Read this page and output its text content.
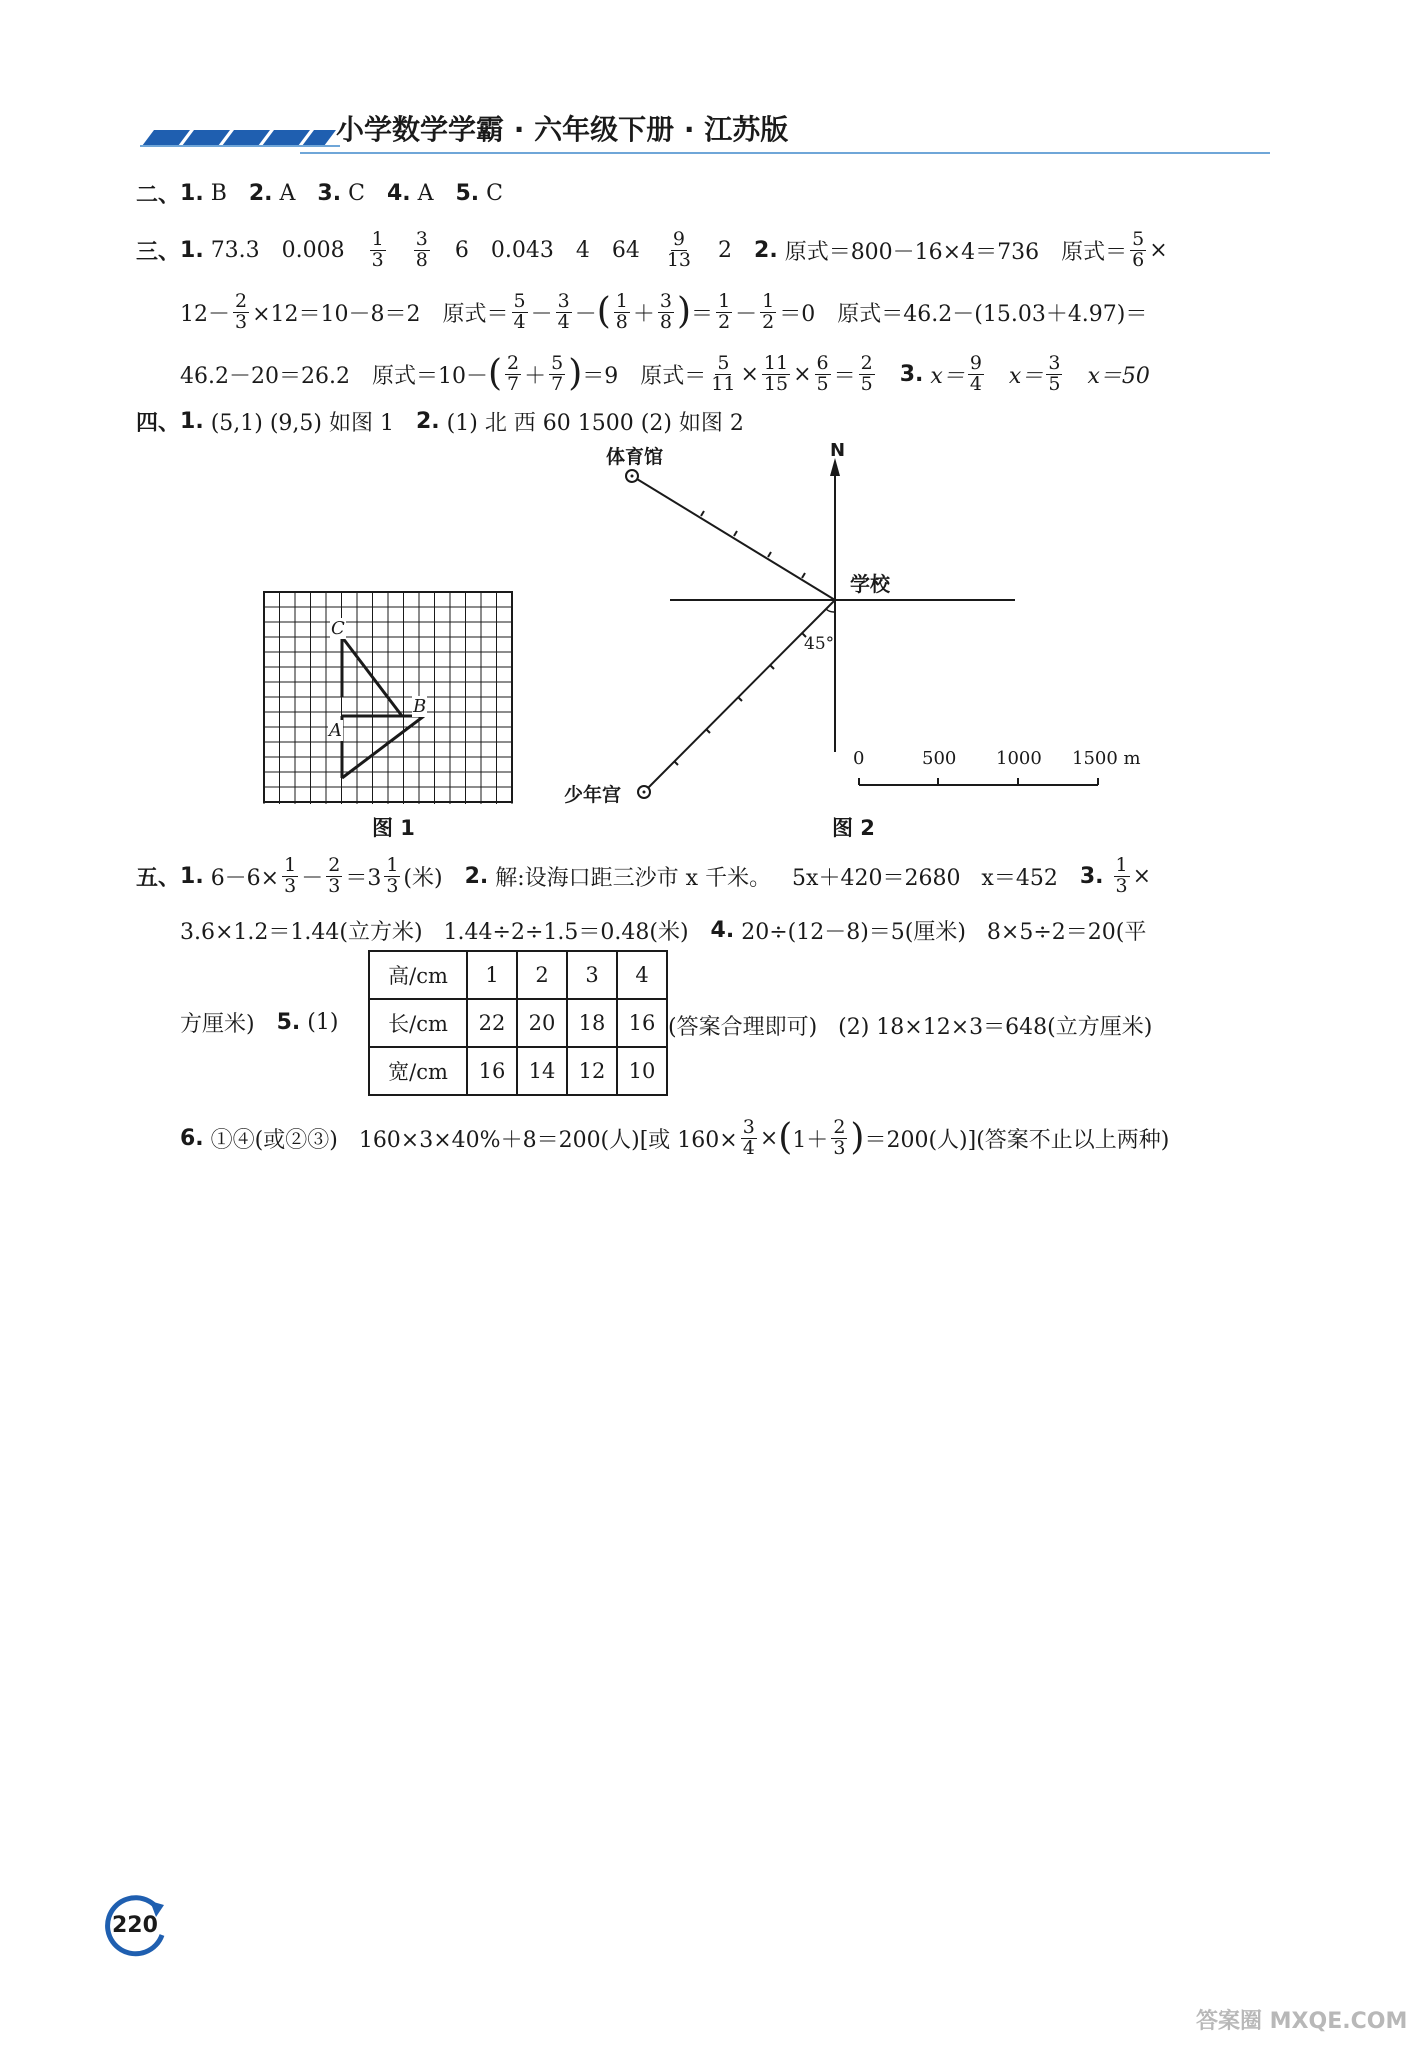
小学数学学霸 · 六年级下册 · 江苏版
二、 1.
B 2.
A 3.
C 4.
A 5.
C
三、 1.
73.3 $0.008 \frac{1}{3} \frac{3}{8} 6$ 0.043 4 $64 \frac{9}{13} 2$ 2.
原式＝800－16×4＝736 原式＝ $\frac{5}{6}$ ×
$12- \frac{2}{3} \times 12=10-8=2$ 原式＝ $\frac{5}{4} - \frac{3}{4}$ － ( $\frac{1}{8} + \frac{3}{8}$ ) ＝ $\frac{1}{2} - \frac{1}{2} =0$ 原式＝46.2－(15.03＋4.97)＝
46.2－20＝26.2 原式＝10－ ( $\frac{2}{7} + \frac{5}{7}$ ) ＝9 原式＝ $\frac{5}{11} \times \frac{11}{15} \times \frac{6}{5} = \frac{2}{5} 3$.
$x= \frac{9}{4} x= \frac{3}{5} x=50$
四、 1.
(5,1) (9,5) 如图 1 2.
(1) 北 西 60 1500 (2) 如图 2
C
B
A
图 1
N
体育馆
学校
45°
少年宫
0	500 1000 1500 m
图 2
五、 1.
$6-6\times \frac{1}{3} - \frac{2}{3} =3 \frac{1}{3}$ (米) 2.
解:设海口距三沙市 x 千米。   5x＋420＝2680   x＝452 3.
$\frac{1}{3}$ ×
3.6×1.2＝1.44(立方米)   1.44÷2÷1.5＝0.48(米) 4.
20÷(12－8)＝5(厘米)   8×5÷2＝20(平
方厘米) 5.
(1)
高/cm	1	2	3	4
长/cm	22	20	18	16
宽/cm	16	14	12	10
(答案合理即可)   (2) 18×12×3＝648(立方厘米)
6.
①④(或②③)   160×3×40%＋8＝200(人)[或 $160\times \frac{3}{4}$ × ( $1+ \frac{2}{3}$ ) ＝200(人)](答案不止以上两种)
220
答案圈 MXQE.COM
